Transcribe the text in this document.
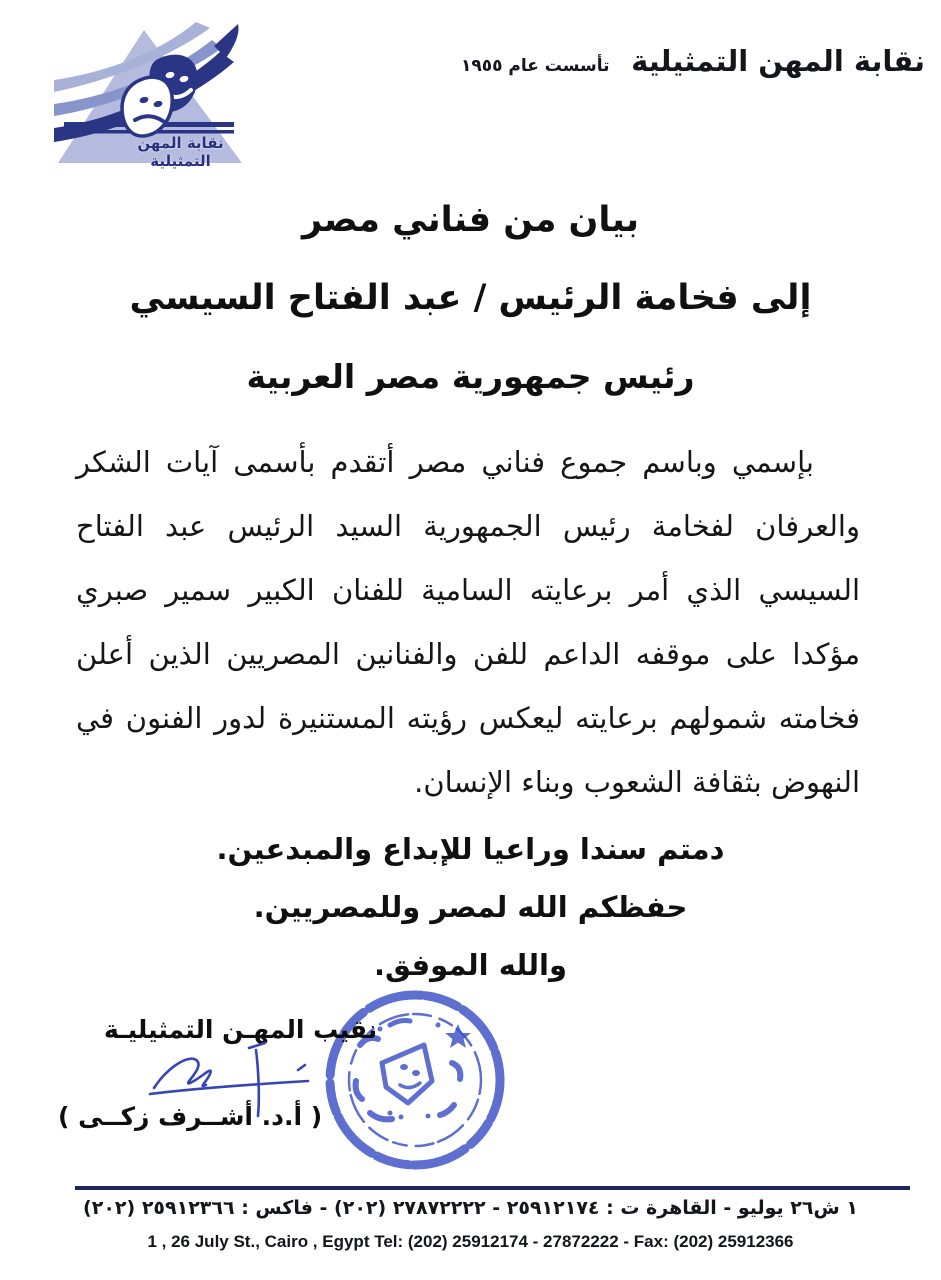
نقابة المهن التمثيلية
نقابة المهن التمثيلية تأسست عام ١٩٥٥
بيان من فناني مصر
إلى فخامة الرئيس / عبد الفتاح السيسي
رئيس جمهورية مصر العربية

بإسمي وباسم جموع فناني مصر أتقدم بأسمى آيات الشكر والعرفان لفخامة رئيس الجمهورية السيد الرئيس عبد الفتاح السيسي الذي أمر برعايته السامية للفنان الكبير سمير صبري مؤكدا على موقفه الداعم للفن والفنانين المصريين الذين أعلن فخامته شمولهم برعايته ليعكس رؤيته المستنيرة لدور الفنون في النهوض بثقافة الشعوب وبناء الإنسان.

دمتم سندا وراعيا للإبداع والمبدعين.
حفظكم الله لمصر وللمصريين.
والله الموفق.
نقيب المهـن التمثيليـة
( أ.د. أشــرف زكــى )
١ ش٢٦ يوليو - القاهرة ت : ٢٥٩١٢١٧٤ - ٢٧٨٧٢٢٢٢ (٢٠٢) - فاكس : ٢٥٩١٢٣٦٦ (٢٠٢)
1 , 26 July St., Cairo , Egypt Tel: (202) 25912174 - 27872222 - Fax: (202) 25912366
